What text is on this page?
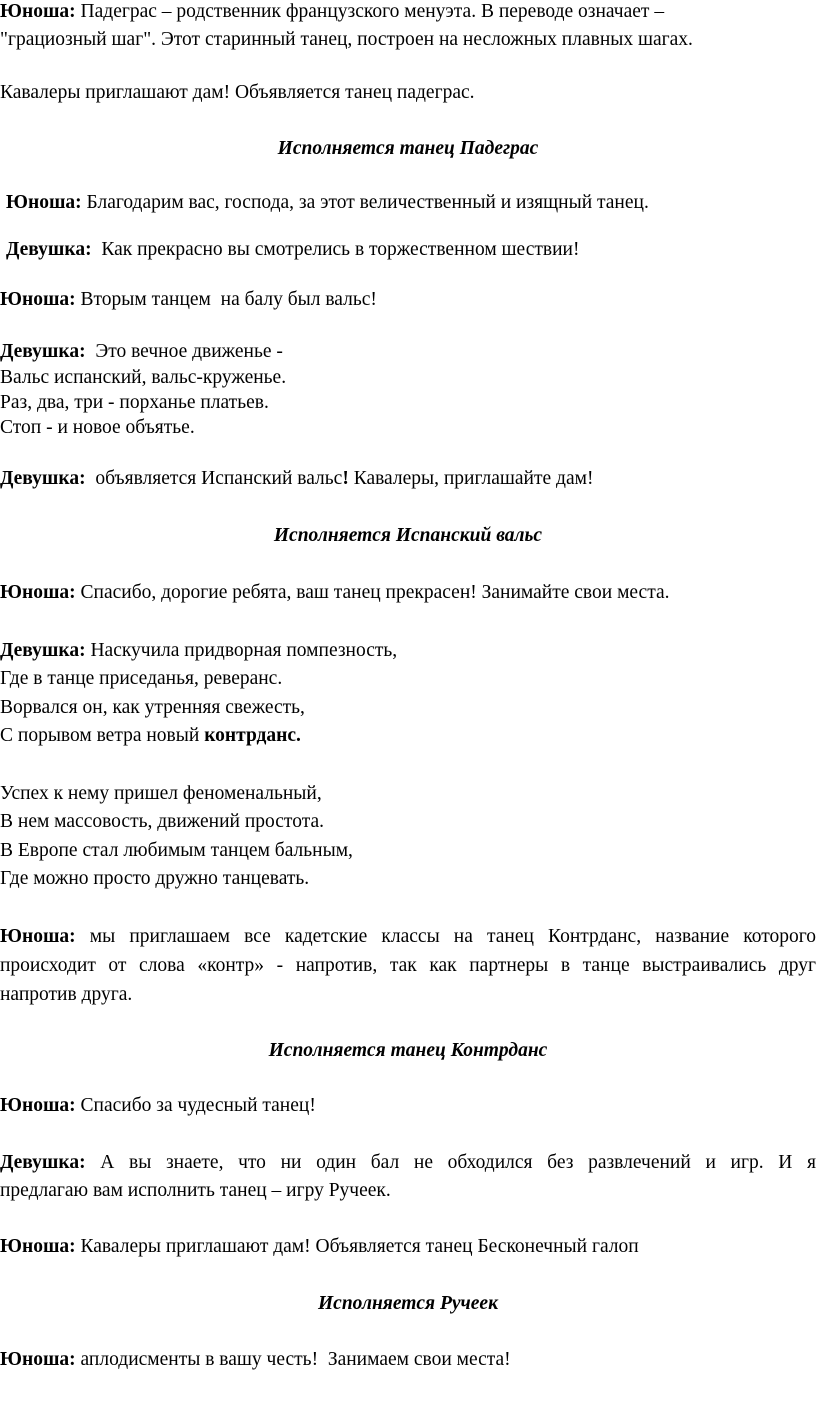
Юноша: Падеграс – родственник французского менуэта. В переводе означает –
"грациозный шаг". Этот старинный танец, построен на несложных плавных шагах.
Кавалеры приглашают дам! Объявляется танец падеграс.
Исполняется танец Падеграс
Юноша: Благодарим вас, господа, за этот величественный и изящный танец.
Девушка:  Как прекрасно вы смотрелись в торжественном шествии!
Юноша: Вторым танцем  на балу был вальс!
Девушка:  Это вечное движенье -
Вальс испанский, вальс-круженье.
Раз, два, три - порханье платьев.
Стоп - и новое объятье.
Девушка:  объявляется Испанский вальс! Кавалеры, приглашайте дам!
Исполняется Испанский вальс
Юноша: Спасибо, дорогие ребята, ваш танец прекрасен! Занимайте свои места.
Девушка: Наскучила придворная помпезность,
Где в танце приседанья, реверанс.
Ворвался он, как утренняя свежесть,
С порывом ветра новый контрданс.
Успех к нему пришел феноменальный,
В нем массовость, движений простота.
В Европе стал любимым танцем бальным,
Где можно просто дружно танцевать.
Юноша: мы приглашаем все кадетские классы на танец Контрданс, название которого
происходит от слова «контр» - напротив, так как партнеры в танце выстраивались друг
напротив друга.
Исполняется танец Контрданс
Юноша: Спасибо за чудесный танец!
Девушка: А вы знаете, что ни один бал не обходился без развлечений и игр. И я
предлагаю вам исполнить танец – игру Ручеек.
Юноша: Кавалеры приглашают дам! Объявляется танец Бесконечный галоп
Исполняется Ручеек
Юноша: аплодисменты в вашу честь!  Занимаем свои места!
